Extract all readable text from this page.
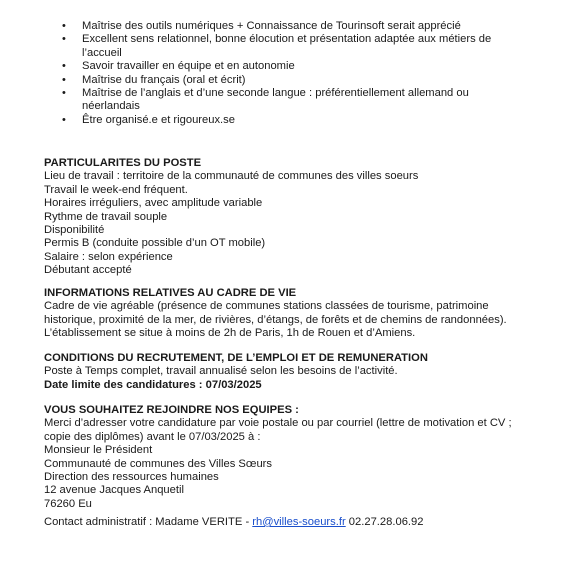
• Maîtrise des outils numériques + Connaissance de Tourinsoft serait apprécié
• Excellent sens relationnel, bonne élocution et présentation adaptée aux métiers de l’accueil
• Savoir travailler en équipe et en autonomie
• Maîtrise du français (oral et écrit)
• Maîtrise de l’anglais et d’une seconde langue : préférentiellement allemand ou néerlandais
• Être organisé.e et rigoureux.se
PARTICULARITES DU POSTE
Lieu de travail : territoire de la communauté de communes des villes soeurs
Travail le week-end fréquent.
Horaires irréguliers, avec amplitude variable
Rythme de travail souple
Disponibilité
Permis B (conduite possible d’un OT mobile)
Salaire : selon expérience
Débutant accepté
INFORMATIONS RELATIVES AU CADRE DE VIE
Cadre de vie agréable (présence de communes stations classées de tourisme, patrimoine historique, proximité de la mer, de rivières, d’étangs, de forêts et de chemins de randonnées). L’établissement se situe à moins de 2h de Paris, 1h de Rouen et d’Amiens.
CONDITIONS DU RECRUTEMENT, DE L’EMPLOI ET DE REMUNERATION
Poste à Temps complet, travail annualisé selon les besoins de l’activité.
Date limite des candidatures : 07/03/2025
VOUS SOUHAITEZ REJOINDRE NOS EQUIPES :
Merci d’adresser votre candidature par voie postale ou par courriel (lettre de motivation et CV ; copie des diplômes) avant le 07/03/2025 à :
Monsieur le Président
Communauté de communes des Villes Sœurs
Direction des ressources humaines
12 avenue Jacques Anquetil
76260 Eu
Contact administratif : Madame VERITE - rh@villes-soeurs.fr 02.27.28.06.92
